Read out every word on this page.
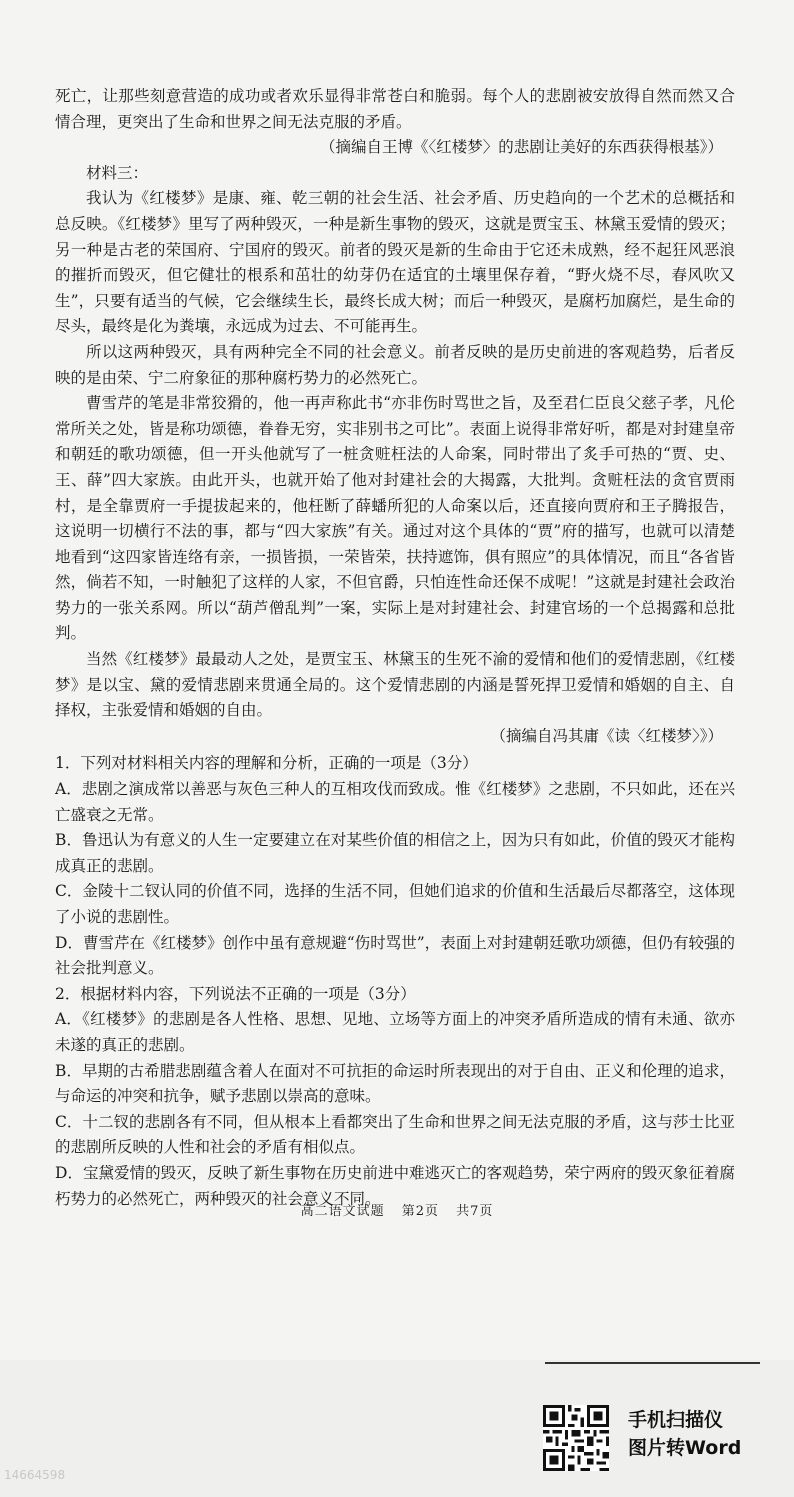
死亡，让那些刻意营造的成功或者欢乐显得非常苍白和脆弱。每个人的悲剧被安放得自然而然又合情合理，更突出了生命和世界之间无法克服的矛盾。

（摘编自王博《〈红楼梦〉的悲剧让美好的东西获得根基》）

材料三：

我认为《红楼梦》是康、雍、乾三朝的社会生活、社会矛盾、历史趋向的一个艺术的总概括和总反映。《红楼梦》里写了两种毁灭，一种是新生事物的毁灭，这就是贾宝玉、林黛玉爱情的毁灭；另一种是古老的荣国府、宁国府的毁灭。前者的毁灭是新的生命由于它还未成熟，经不起狂风恶浪的摧折而毁灭，但它健壮的根系和茁壮的幼芽仍在适宜的土壤里保存着，“野火烧不尽，春风吹又生”，只要有适当的气候，它会继续生长，最终长成大树；而后一种毁灭，是腐朽加腐烂，是生命的尽头，最终是化为粪壤，永远成为过去、不可能再生。

所以这两种毁灭，具有两种完全不同的社会意义。前者反映的是历史前进的客观趋势，后者反映的是由荣、宁二府象征的那种腐朽势力的必然死亡。

曹雪芹的笔是非常狡猾的，他一再声称此书“亦非伤时骂世之旨，及至君仁臣良父慈子孝，凡伦常所关之处，皆是称功颂德，眷眷无穷，实非别书之可比”。表面上说得非常好听，都是对封建皇帝和朝廷的歌功颂德，但一开头他就写了一桩贪赃枉法的人命案，同时带出了炙手可热的“贾、史、王、薛”四大家族。由此开头，也就开始了他对封建社会的大揭露，大批判。贪赃枉法的贪官贾雨村，是全靠贾府一手提拔起来的，他枉断了薛蟠所犯的人命案以后，还直接向贾府和王子腾报告，这说明一切横行不法的事，都与“四大家族”有关。通过对这个具体的“贾”府的描写，也就可以清楚地看到“这四家皆连络有亲，一损皆损，一荣皆荣，扶持遮饰，俱有照应”的具体情况，而且“各省皆然，倘若不知，一时触犯了这样的人家，不但官爵，只怕连性命还保不成呢！”这就是封建社会政治势力的一张关系网。所以“葫芦僧乱判”一案，实际上是对封建社会、封建官场的一个总揭露和总批判。

当然《红楼梦》最最动人之处，是贾宝玉、林黛玉的生死不渝的爱情和他们的爱情悲剧，《红楼梦》是以宝、黛的爱情悲剧来贯通全局的。这个爱情悲剧的内涵是誓死捍卫爱情和婚姻的自主、自择权，主张爱情和婚姻的自由。

（摘编自冯其庸《读〈红楼梦〉》）

1．下列对材料相关内容的理解和分析，正确的一项是（3分）

A．悲剧之演成常以善恶与灰色三种人的互相攻伐而致成。惟《红楼梦》之悲剧，不只如此，还在兴亡盛衰之无常。

B．鲁迅认为有意义的人生一定要建立在对某些价值的相信之上，因为只有如此，价值的毁灭才能构成真正的悲剧。

C．金陵十二钗认同的价值不同，选择的生活不同，但她们追求的价值和生活最后尽都落空，这体现了小说的悲剧性。

D．曹雪芹在《红楼梦》创作中虽有意规避“伤时骂世”，表面上对封建朝廷歌功颂德，但仍有较强的社会批判意义。

2．根据材料内容，下列说法不正确的一项是（3分）

A．《红楼梦》的悲剧是各人性格、思想、见地、立场等方面上的冲突矛盾所造成的情有未通、欲亦未遂的真正的悲剧。

B．早期的古希腊悲剧蕴含着人在面对不可抗拒的命运时所表现出的对于自由、正义和伦理的追求，与命运的冲突和抗争，赋予悲剧以崇高的意味。

C．十二钗的悲剧各有不同，但从根本上看都突出了生命和世界之间无法克服的矛盾，这与莎士比亚的悲剧所反映的人性和社会的矛盾有相似点。

D．宝黛爱情的毁灭，反映了新生事物在历史前进中难逃灭亡的客观趋势，荣宁两府的毁灭象征着腐朽势力的必然死亡，两种毁灭的社会意义不同。

高二语文试题 第2页 共7页
手机扫描仪
图片转Word
14664598
